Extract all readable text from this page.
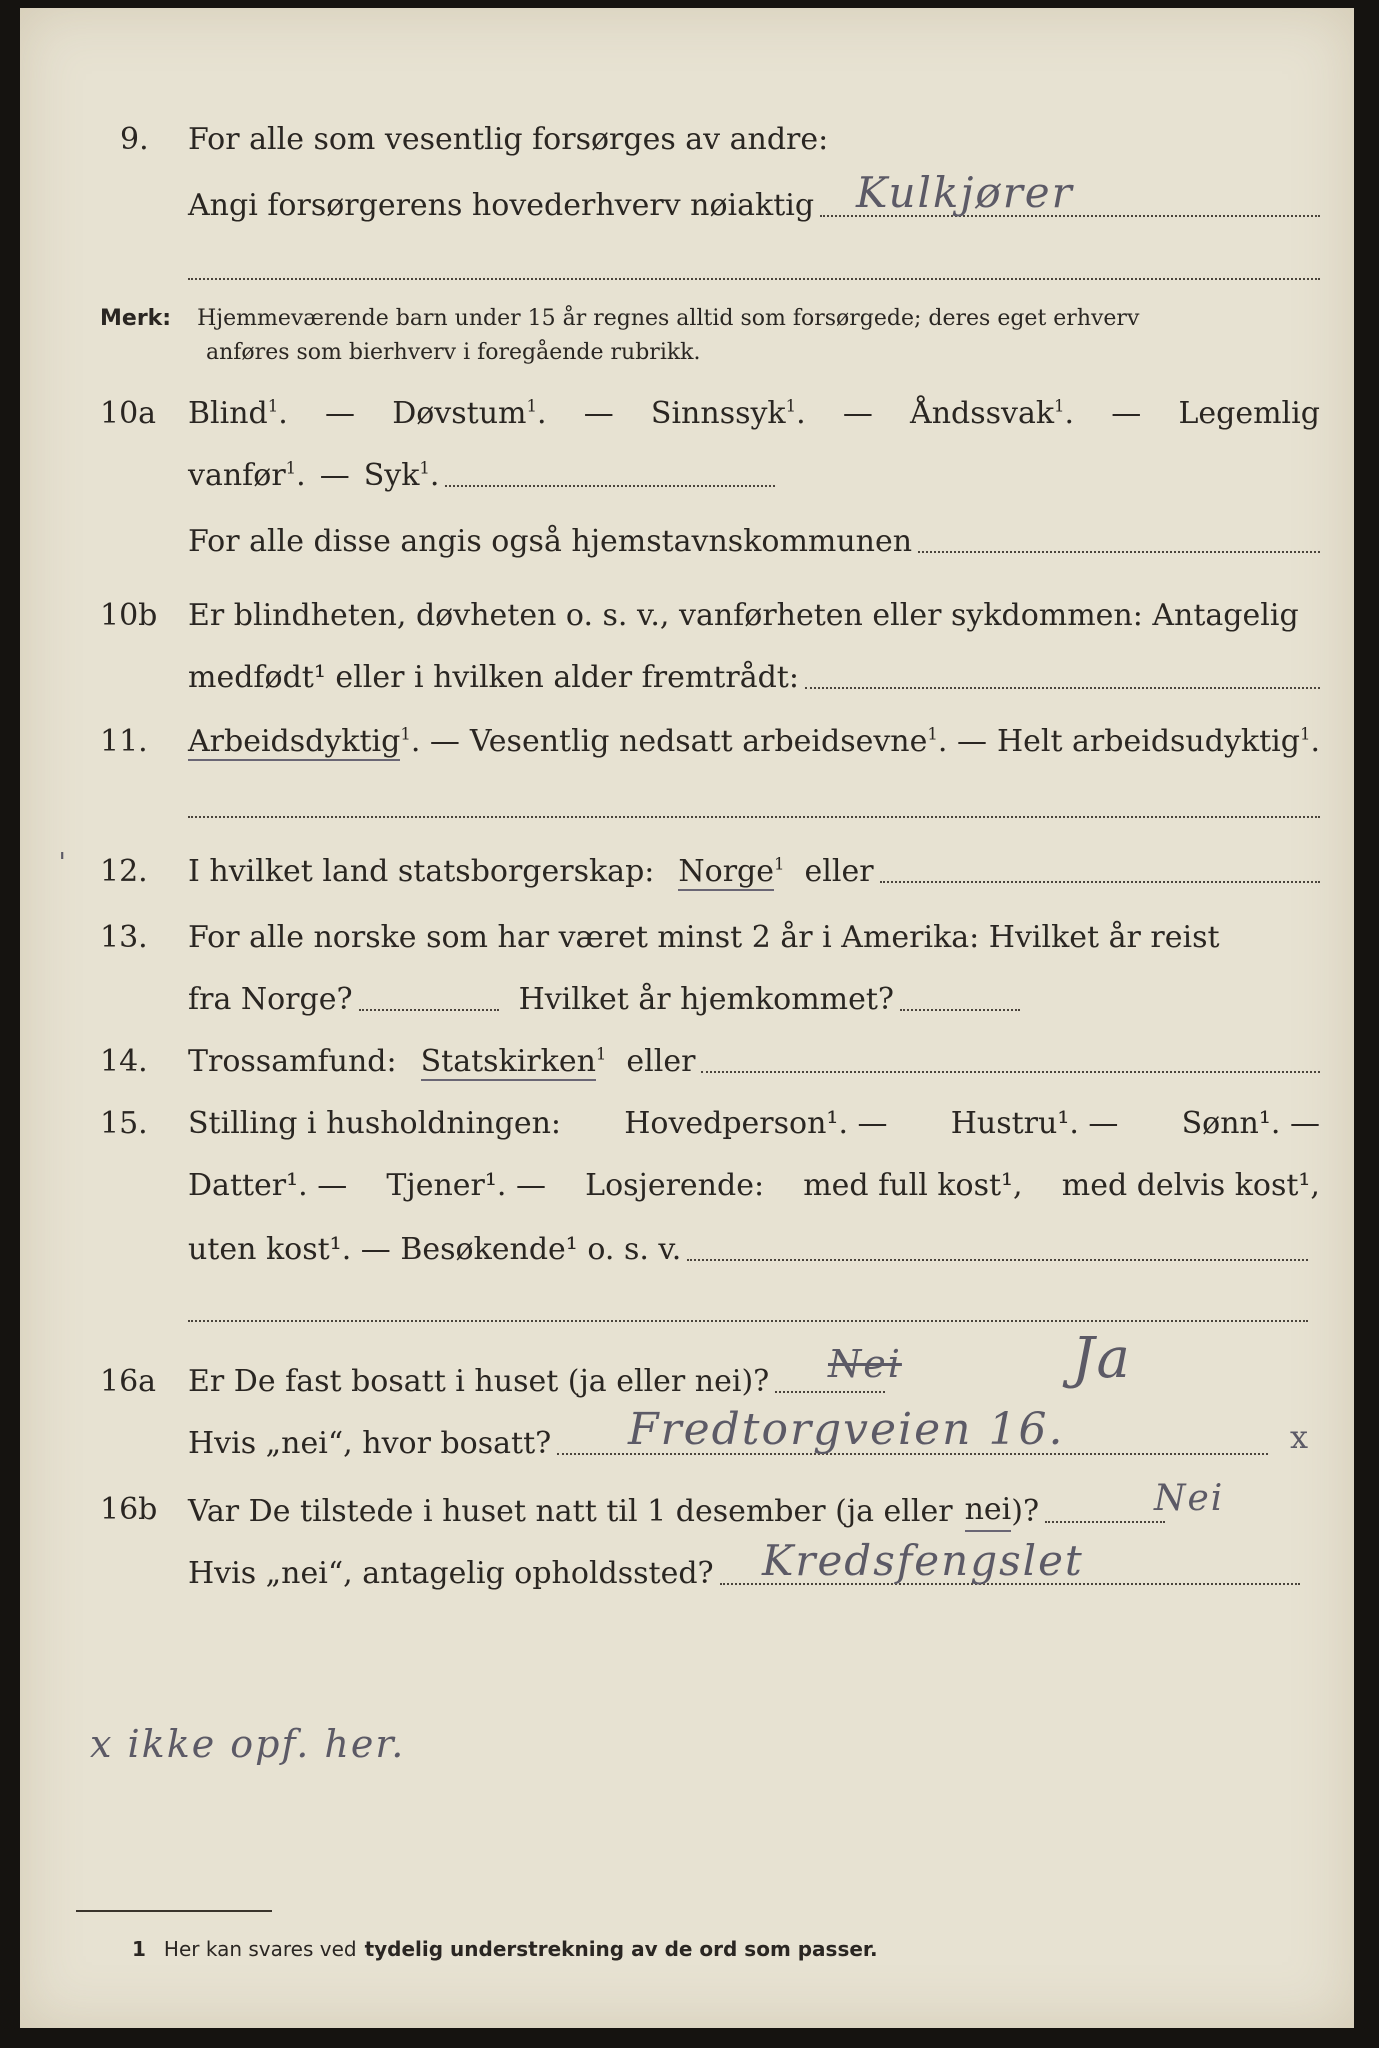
9. For alle som vesentlig forsørges av andre:
Angi forsørgerens hovederhverv nøiaktig Kulkjører
Merk: Hjemmeværende barn under 15 år regnes alltid som forsørgede; deres eget erhverv
anføres som bierhverv i foregående rubrikk.
10a Blind$^1$. — Døvstum$^1$. — Sinnssyk$^1$. — Åndssvak$^1$. — Legemlig
vanfør$^1$. — Syk$^1$.
For alle disse angis også hjemstavnskommunen
10b Er blindheten, døvheten o. s. v., vanførheten eller sykdommen: Antagelig
medfødt¹ eller i hvilken alder fremtrådt:
11. Arbeidsdyktig$^1$. — Vesentlig nedsatt arbeidsevne$^1$. — Helt arbeidsudyktig$^1$.
ˈ 12. I hvilket land statsborgerskap: Norge$^1$ eller
13. For alle norske som har været minst 2 år i Amerika: Hvilket år reist
fra Norge?	Hvilket år hjemkommet?
14. Trossamfund: Statskirken$^1$ eller
15. Stilling i husholdningen: Hovedperson¹. — Hustru¹. — Sønn¹. —
Datter¹. — Tjener¹. — Losjerende: med full kost¹, med delvis kost¹,
uten kost¹. — Besøkende¹ o. s. v.
16a Er De fast bosatt i huset (ja eller nei)? Nei	Ja
Hvis „nei“, hvor bosatt? Fredtorgveien 16.	x
16b Var De tilstede i huset natt til 1 desember (ja eller nei )?	Nei
Hvis „nei“, antagelig opholdssted? Kredsfengslet
x ikke opf. her.
1 Her kan svares ved tydelig understrekning av de ord som passer.
